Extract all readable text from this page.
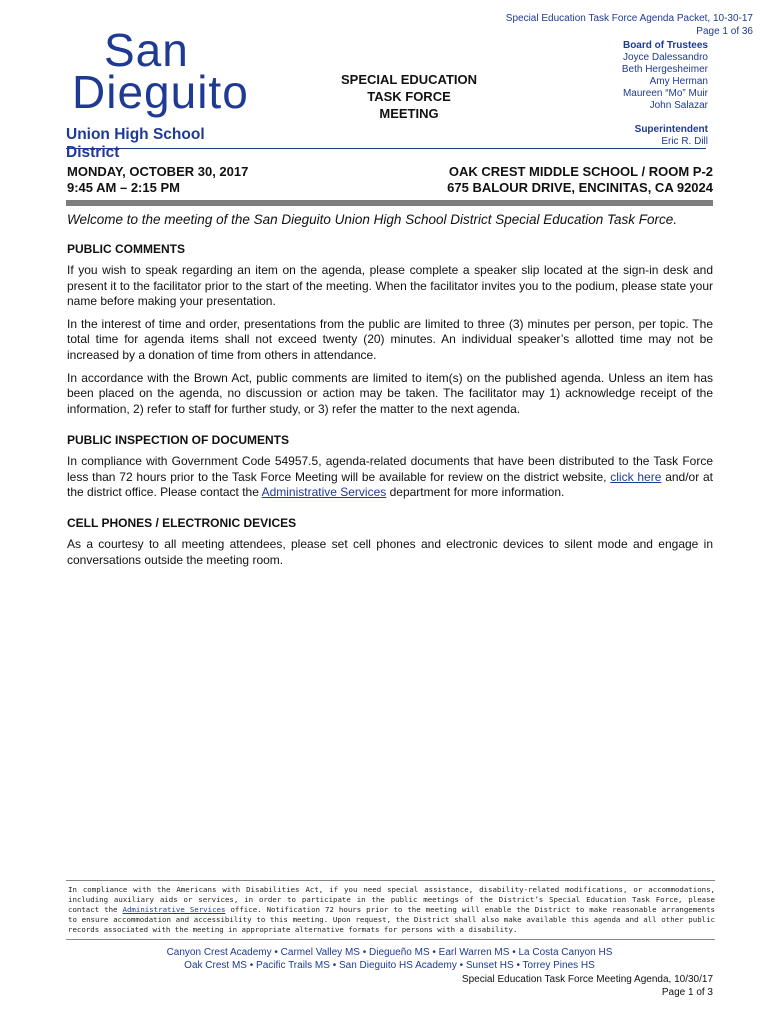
Special Education Task Force Agenda Packet, 10-30-17
Page 1 of 36
San
Dieguito
Union High School District
SPECIAL EDUCATION
TASK FORCE
MEETING
Board of Trustees
Joyce Dalessandro
Beth Hergesheimer
Amy Herman
Maureen “Mo” Muir
John Salazar
Superintendent
Eric R. Dill
MONDAY, OCTOBER 30, 2017
9:45 AM – 2:15 PM
OAK CREST MIDDLE SCHOOL / ROOM P-2
675 BALOUR DRIVE, ENCINITAS, CA 92024
Welcome to the meeting of the San Dieguito Union High School District Special Education Task Force.
PUBLIC COMMENTS

If you wish to speak regarding an item on the agenda, please complete a speaker slip located at the sign-in desk and present it to the facilitator prior to the start of the meeting. When the facilitator invites you to the podium, please state your name before making your presentation.

In the interest of time and order, presentations from the public are limited to three (3) minutes per person, per topic. The total time for agenda items shall not exceed twenty (20) minutes. An individual speaker’s allotted time may not be increased by a donation of time from others in attendance.

In accordance with the Brown Act, public comments are limited to item(s) on the published agenda. Unless an item has been placed on the agenda, no discussion or action may be taken. The facilitator may 1) acknowledge receipt of the information, 2) refer to staff for further study, or 3) refer the matter to the next agenda.

PUBLIC INSPECTION OF DOCUMENTS

In compliance with Government Code 54957.5, agenda-related documents that have been distributed to the Task Force less than 72 hours prior to the Task Force Meeting will be available for review on the district website, click here and/or at the district office. Please contact the Administrative Services department for more information.

CELL PHONES / ELECTRONIC DEVICES

As a courtesy to all meeting attendees, please set cell phones and electronic devices to silent mode and engage in conversations outside the meeting room.

In compliance with the Americans with Disabilities Act, if you need special assistance, disability-related modifications, or accommodations, including auxiliary aids or services, in order to participate in the public meetings of the District’s Special Education Task Force, please contact the Administrative Services office. Notification 72 hours prior to the meeting will enable the District to make reasonable arrangements to ensure accommodation and accessibility to this meeting. Upon request, the District shall also make available this agenda and all other public records associated with the meeting in appropriate alternative formats for persons with a disability.
Canyon Crest Academy • Carmel Valley MS • Diegueño MS • Earl Warren MS • La Costa Canyon HS
Oak Crest MS • Pacific Trails MS • San Dieguito HS Academy • Sunset HS • Torrey Pines HS
Special Education Task Force Meeting Agenda, 10/30/17
Page 1 of 3
